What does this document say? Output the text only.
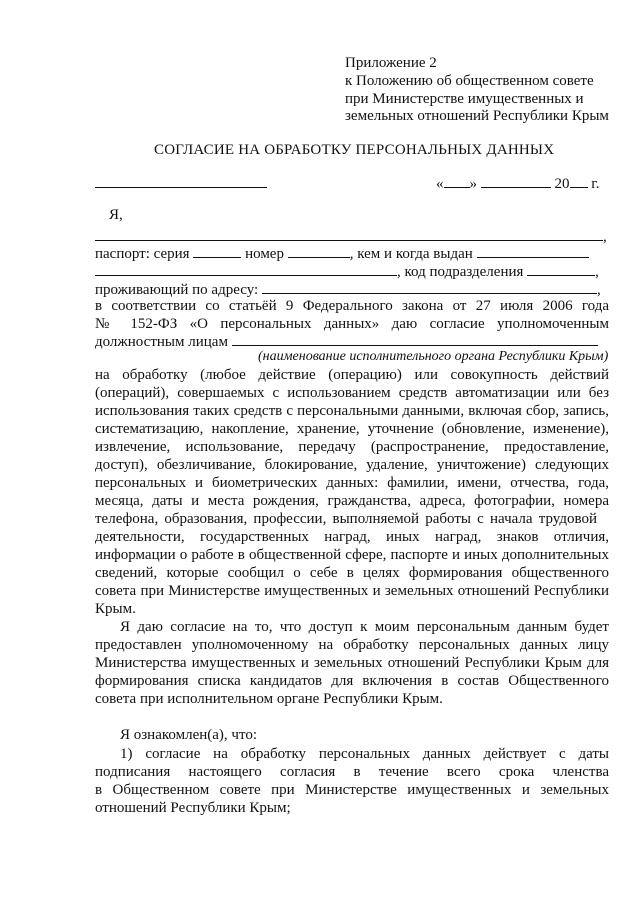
Приложение 2
к Положению об общественном совете
при Министерстве имущественных и
земельных отношений Республики Крым
СОГЛАСИЕ НА ОБРАБОТКУ ПЕРСОНАЛЬНЫХ ДАННЫХ
« »	20 г.
Я,
,
паспорт: серия	номер	, кем и когда выдан
, код подразделения	,
проживающий по адресу:	,
в соответствии со статьёй 9 Федерального закона от 27 июля 2006 года
№ 152-ФЗ «О персональных данных» даю согласие уполномоченным
должностным лицам
(наименование исполнительного органа Республики Крым)
на обработку (любое действие (операцию) или совокупность действий
(операций), совершаемых с использованием средств автоматизации или без
использования таких средств с персональными данными, включая сбор, запись,
систематизацию, накопление, хранение, уточнение (обновление, изменение),
извлечение, использование, передачу (распространение, предоставление,
доступ), обезличивание, блокирование, удаление, уничтожение) следующих
персональных и биометрических данных: фамилии, имени, отчества, года,
месяца, даты и места рождения, гражданства, адреса, фотографии, номера
телефона, образования, профессии, выполняемой работы с начала трудовой
деятельности, государственных наград, иных наград, знаков отличия,
информации о работе в общественной сфере, паспорте и иных дополнительных
сведений, которые сообщил о себе в целях формирования общественного
совета при Министерстве имущественных и земельных отношений Республики
Крым.
Я даю согласие на то, что доступ к моим персональным данным будет
предоставлен уполномоченному на обработку персональных данных лицу
Министерства имущественных и земельных отношений Республики Крым для
формирования списка кандидатов для включения в состав Общественного
совета при исполнительном органе Республики Крым.
Я ознакомлен(а), что:
1) согласие на обработку персональных данных действует с даты
подписания настоящего согласия в течение всего срока членства
в Общественном совете при Министерстве имущественных и земельных
отношений Республики Крым;
